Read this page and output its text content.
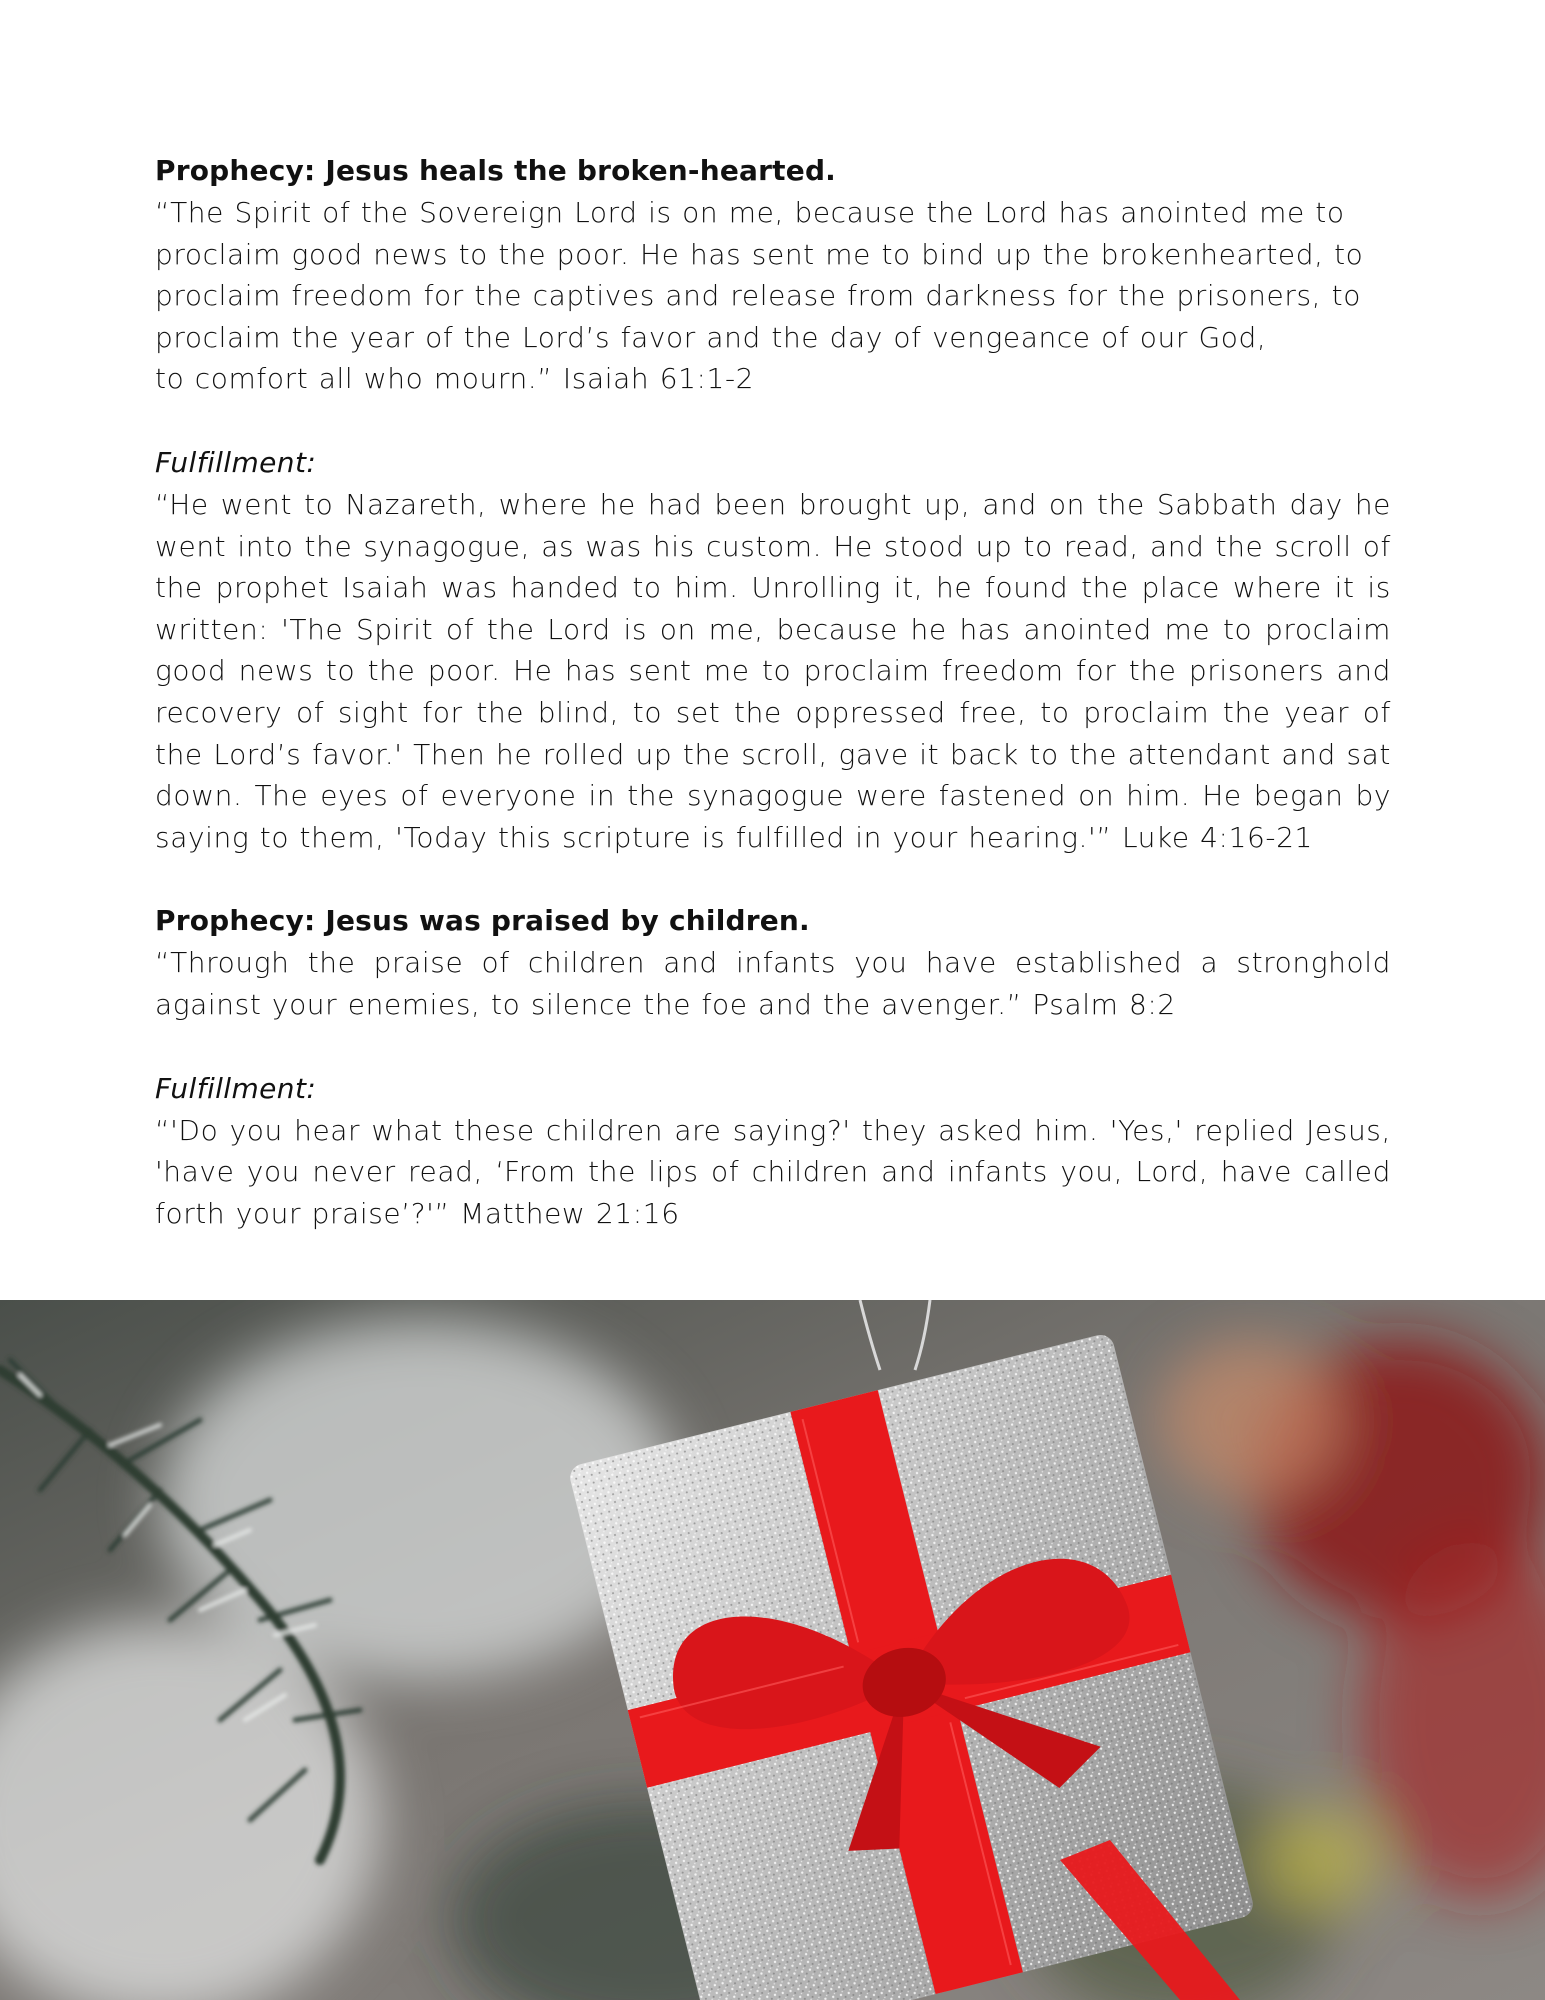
Prophecy: Jesus heals the broken-hearted.

“The Spirit of the Sovereign Lord is on me, because the Lord has anointed me to proclaim good news to the poor. He has sent me to bind up the brokenhearted, to proclaim freedom for the captives and release from darkness for the prisoners, to proclaim the year of the Lord’s favor and the day of vengeance of our God,

to comfort all who mourn.” Isaiah 61:1-2

Fulfillment:

“He went to Nazareth, where he had been brought up, and on the Sabbath day he went into the synagogue, as was his custom. He stood up to read, and the scroll of the prophet Isaiah was handed to him. Unrolling it, he found the place where it is written: 'The Spirit of the Lord is on me, because he has anointed me to proclaim good news to the poor. He has sent me to proclaim freedom for the prisoners and recovery of sight for the blind, to set the oppressed free, to proclaim the year of the Lord’s favor.' Then he rolled up the scroll, gave it back to the attendant and sat down. The eyes of everyone in the synagogue were fastened on him. He began by saying to them, 'Today this scripture is fulfilled in your hearing.'” Luke 4:16-21

Prophecy: Jesus was praised by children.

“Through the praise of children and infants you have established a stronghold against your enemies, to silence the foe and the avenger.” Psalm 8:2

Fulfillment:

“'Do you hear what these children are saying?' they asked him. 'Yes,' replied Jesus, 'have you never read, ‘From the lips of children and infants you, Lord, have called forth your praise’?'” Matthew 21:16
